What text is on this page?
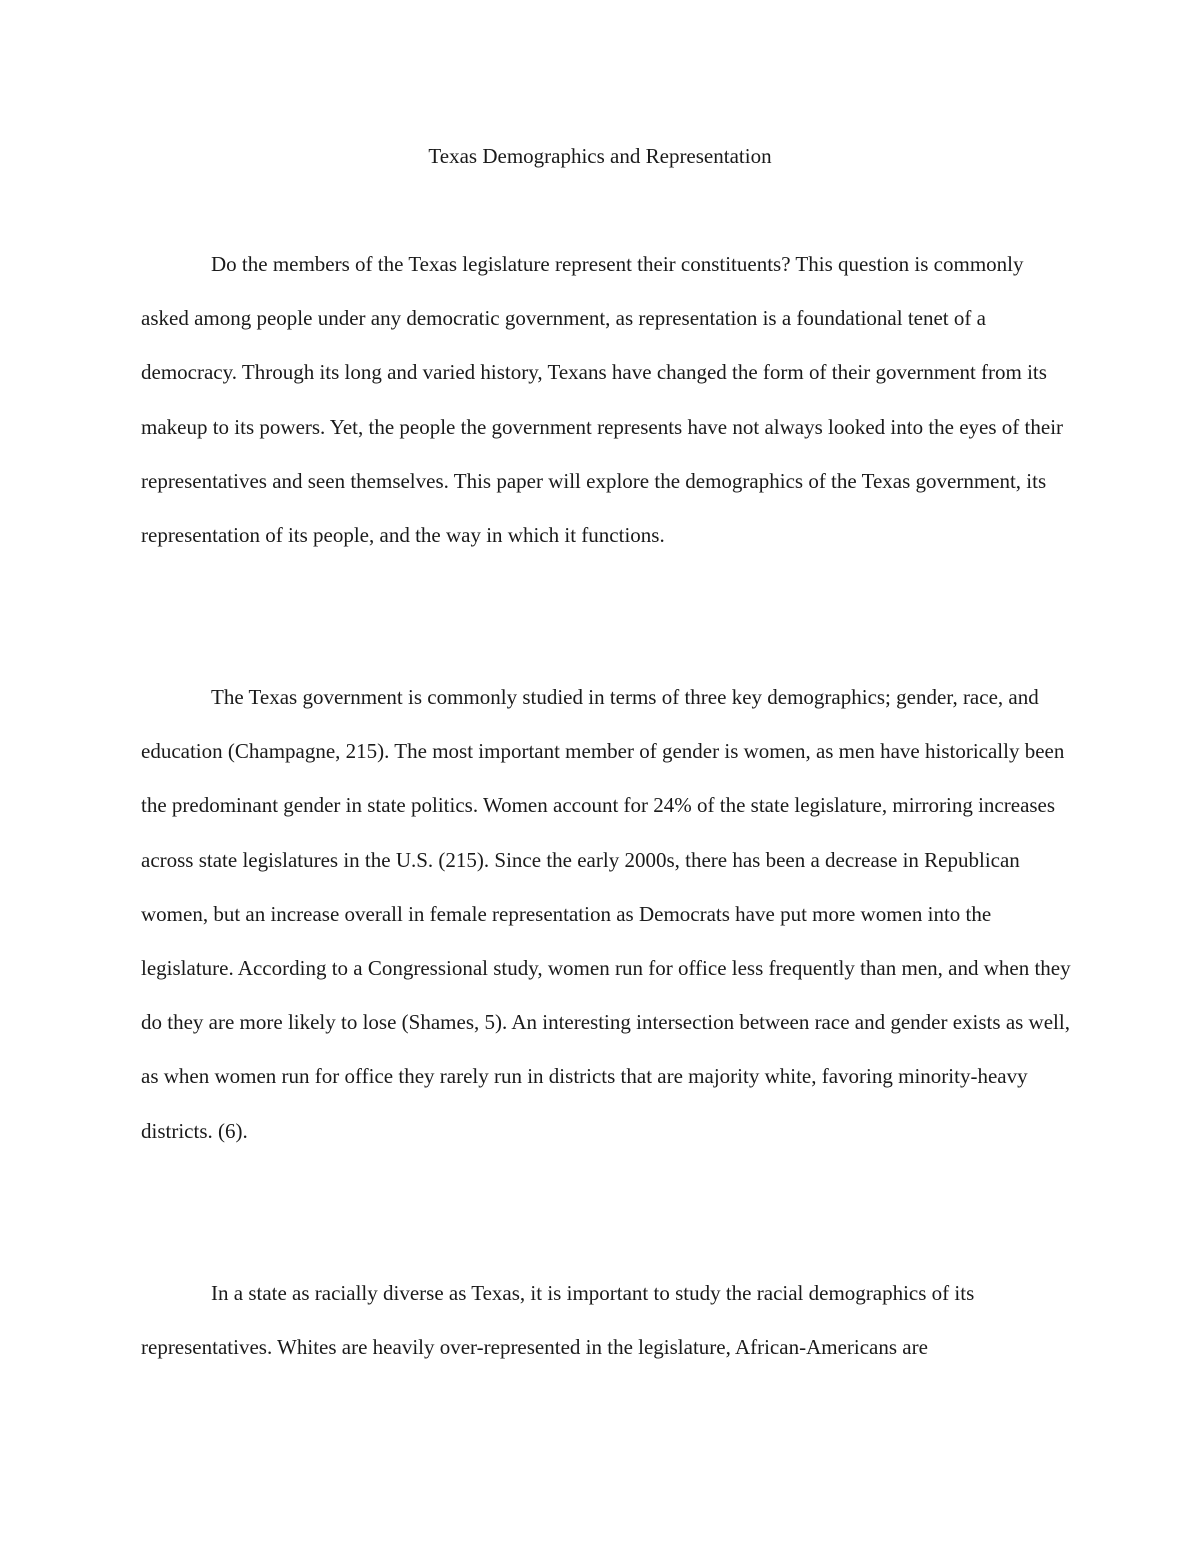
Texas Demographics and Representation

Do the members of the Texas legislature represent their constituents? This question is commonly asked among people under any democratic government, as representation is a foundational tenet of a democracy. Through its long and varied history, Texans have changed the form of their government from its makeup to its powers. Yet, the people the government represents have not always looked into the eyes of their representatives and seen themselves. This paper will explore the demographics of the Texas government, its representation of its people, and the way in which it functions.

The Texas government is commonly studied in terms of three key demographics; gender, race, and education (Champagne, 215). The most important member of gender is women, as men have historically been the predominant gender in state politics. Women account for 24% of the state legislature, mirroring increases across state legislatures in the U.S. (215). Since the early 2000s, there has been a decrease in Republican women, but an increase overall in female representation as Democrats have put more women into the legislature. According to a Congressional study, women run for office less frequently than men, and when they do they are more likely to lose (Shames, 5). An interesting intersection between race and gender exists as well, as when women run for office they rarely run in districts that are majority white, favoring minority-heavy districts. (6).

In a state as racially diverse as Texas, it is important to study the racial demographics of its representatives. Whites are heavily over-represented in the legislature, African-Americans are
